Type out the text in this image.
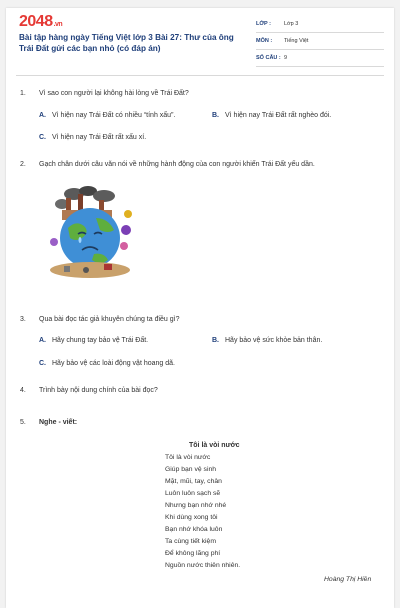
2048.vn
Bài tập hàng ngày Tiếng Việt lớp 3 Bài 27: Thư của ông Trái Đất gửi các bạn nhỏ (có đáp án)
LỚP : Lớp 3
MÔN : Tiếng Việt
SỐ CÂU : 9
1.	Vì sao con người lại không hài lòng về Trái Đất?
A. Vì hiện nay Trái Đất có nhiều “tính xấu”.	B. Vì hiện nay Trái Đất rất nghèo đói.
C. Vì hiện nay Trái Đất rất xấu xí.
2.	Gạch chân dưới câu văn nói về những hành động của con người khiến Trái Đất yếu dần.
3.	Qua bài đọc tác giả khuyên chúng ta điều gì?
A. Hãy chung tay bảo vệ Trái Đất.	B. Hãy bảo vệ sức khỏe bản thân.
C. Hãy bảo vệ các loài động vật hoang dã.
4.	Trình bày nội dung chính của bài đọc?
5.	Nghe - viết:
Tôi là vòi nước
Tôi là vòi nước
Giúp bạn vệ sinh
Mặt, mũi, tay, chân
Luôn luôn sạch sẽ
Nhưng bạn nhớ nhé
Khi dùng xong tôi
Bạn nhớ khóa luôn
Ta cùng tiết kiệm
Để không lãng phí
Nguồn nước thiên nhiên.
Hoàng Thị Hiền
